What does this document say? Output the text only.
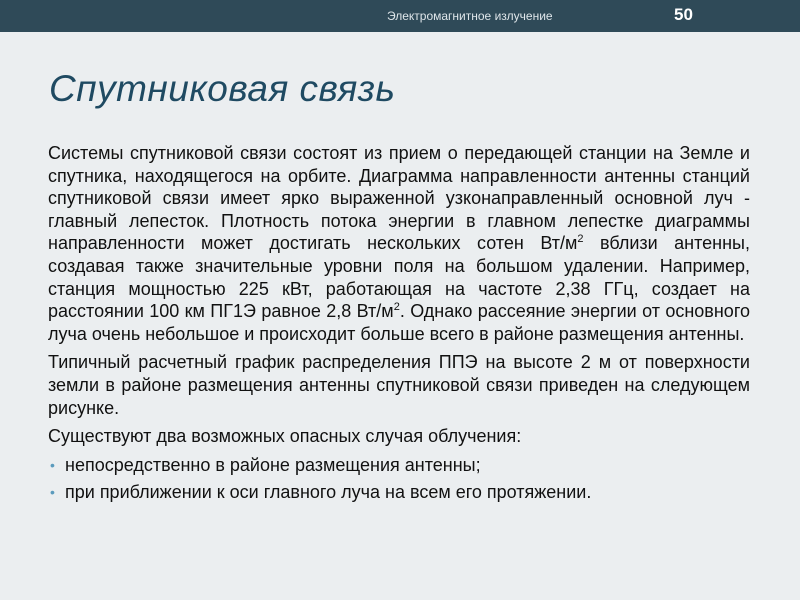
Электромагнитное излучение	50
Спутниковая связь

Системы спутниковой связи состоят из прием о передающей станции на Земле и спутника, находящегося на орбите. Диаграмма направленности антенны станций спутниковой связи имеет ярко выраженной узконаправленный основной луч - главный лепесток. Плотность потока энергии в главном лепестке диаграммы направленности может достигать нескольких сотен $Вт/м^2$ вблизи антенны, создавая также значительные уровни поля на большом удалении. Например, станция мощностью 225 кВт, работающая на частоте 2,38 ГГц, создает на расстоянии 100 км ПГ1Э равное 2,8 $Вт/м^2$. Однако рассеяние энергии от основного луча очень небольшое и происходит больше всего в районе размещения антенны.

Типичный расчетный график распределения ППЭ на высоте 2 м от поверхности земли в районе размещения антенны спутниковой связи приведен на следующем рисунке.

Существуют два возможных опасных случая облучения:

• непосредственно в районе размещения антенны;
• при приближении к оси главного луча на всем его протяжении.
